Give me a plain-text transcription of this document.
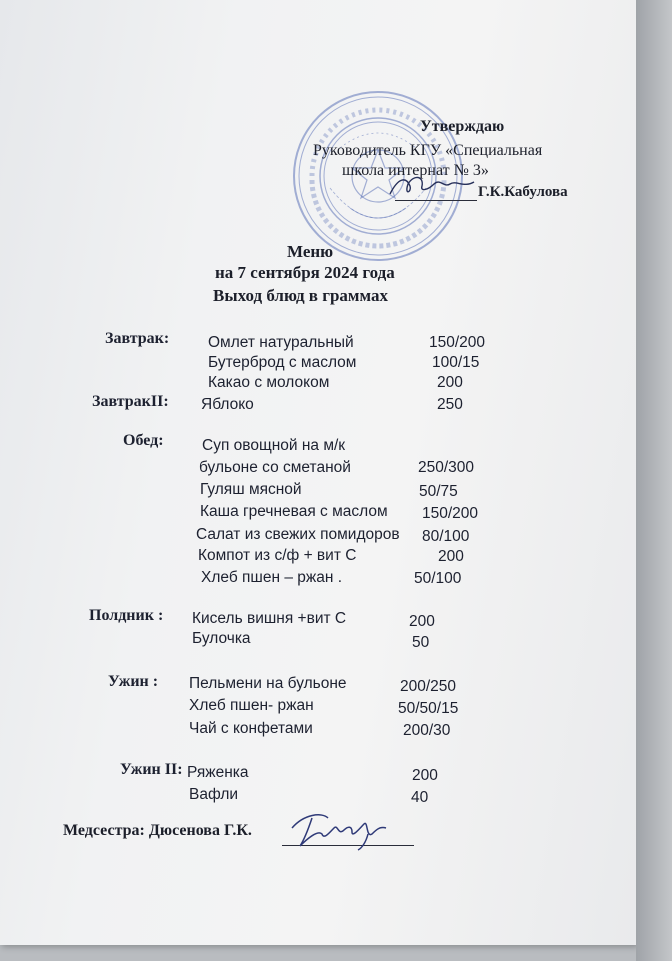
Утверждаю
Руководитель КГУ «Специальная
школа интернат № 3»
Г.К.Кабулова
Меню
на 7 сентября 2024 года
Выход блюд в граммах
Завтрак:	Омлет натуральный	150/200
Бутерброд с маслом	100/15
Какао с молоком	200
ЗавтракII: Яблоко	250
Обед: Суп овощной на м/к
бульоне со сметаной	250/300
Гуляш мясной	50/75
Каша гречневая с маслом 150/200
Салат из свежих помидоров 80/100
Компот из с/ф + вит С	200
Хлеб пшен – ржан .	50/100
Полдник : Кисель вишня +вит С	200
Булочка	50
Ужин : Пельмени на бульоне	200/250
Хлеб пшен- ржан	50/50/15
Чай с конфетами	200/30
Ужин II: Ряженка	200
Вафли	40
Медсестра: Дюсенова Г.К.
